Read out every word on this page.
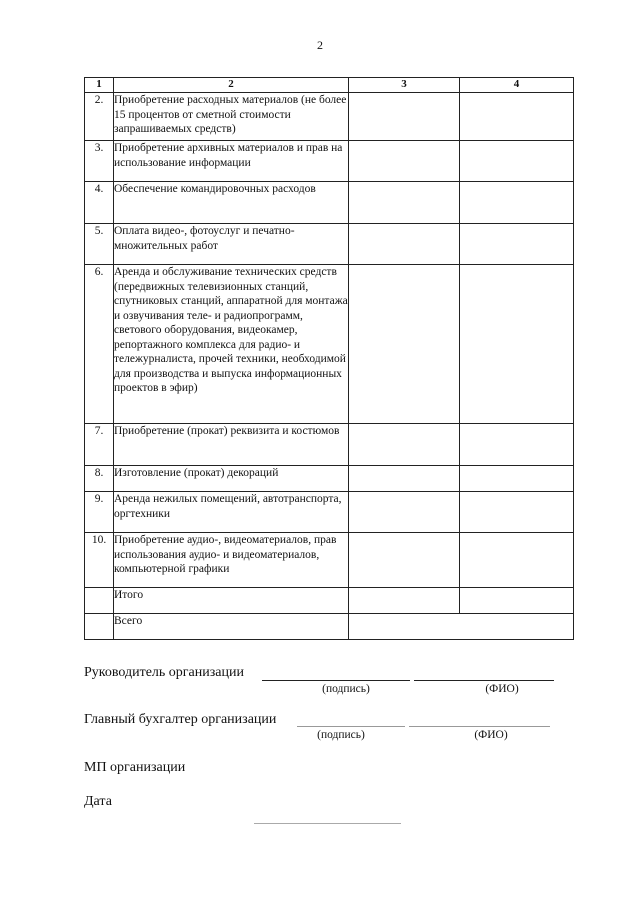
2
1	2	3	4
2.	Приобретение расходных материалов (не более 15 процентов от сметной стоимости запрашиваемых средств)		
3.	Приобретение архивных материалов и прав на использование информации		
4.	Обеспечение командировочных расходов		
5.	Оплата видео-, фотоуслуг и печатно-множительных работ		
6.	Аренда и обслуживание технических средств (передвижных телевизионных станций, спутниковых станций, аппаратной для монтажа и озвучивания теле- и радиопрограмм, светового оборудования, видеокамер, репортажного комплекса для радио- и тележурналиста, прочей техники, необходимой для производства и выпуска информационных проектов в эфир)		
7.	Приобретение (прокат) реквизита и костюмов		
8.	Изготовление (прокат) декораций		
9.	Аренда нежилых помещений, автотранспорта, оргтехники		
10.	Приобретение аудио-, видеоматериалов, прав использования аудио- и видеоматериалов, компьютерной графики		
	Итого		
	Всего		
Руководитель организации
(подпись)	(ФИО)
Главный бухгалтер организации
(подпись)	(ФИО)
МП организации
Дата
